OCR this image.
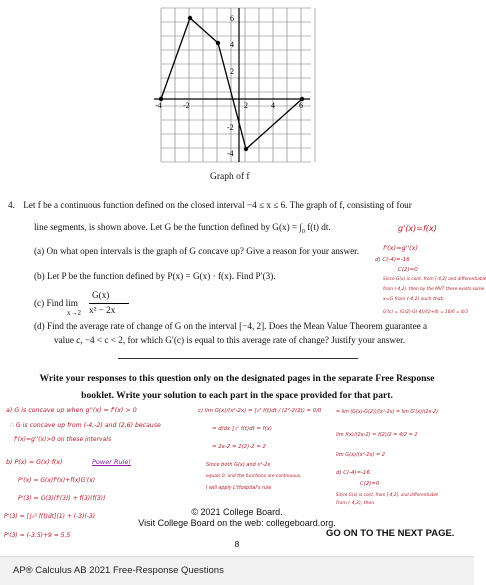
-4	-2	2	4	6
6
4
2
-2
-4
Graph of f
4. Let f be a continuous function defined on the closed interval −4 ≤ x ≤ 6. The graph of f, consisting of four
line segments, is shown above. Let G be the function defined by $G(x) = \int_0$ f(t) dt.
(a) On what open intervals is the graph of G concave up? Give a reason for your answer.
(b) Let P be the function defined by P(x) = G(x) · f(x). Find P′(3).
(c) Find lim
x→2
G(x)
x² − 2x
(d) Find the average rate of change of G on the interval [−4, 2]. Does the Mean Value Theorem guarantee a
value c, −4 < c < 2, for which G′(c) is equal to this average rate of change? Justify your answer.
g'(x)=f(x)
f'(x)=g''(x)
d) C(-4)=-16
C(2)=0
Since G(x) is cont. from [-4,2] and differentiable
from (-4,2), then by the MVT there exists some
x=G from (-4,2) such that;
G'(c) = (G(2)-G(-4))/(2+4) = 16/6 = 8/3
Write your responses to this question only on the designated pages in the separate Free Response
booklet. Write your solution to each part in the space provided for that part.
a) G is concave up when g''(x) = f'(x) > 0
∴ G is concave up from (-4,-2) and (2,6) because
f'(x)=g''(x)>0 on these intervals
b) P(x) = G(x)·f(x)	Power Rule!
P'(x) = G(x)f'(x)+f(x)G'(x)
P'(3) = G(3)(f'(3)) + f(3)(f(3))
P'(3) = [∫₀³ f(t)dt](1) + (-3)(-3)
P'(3) = (-3.5)+9 = 5.5
c) lim G(x)/(x²-2x) = ∫₀² f(t)dt / (2²-2(2)) = 0/0
= d/dx ∫₀ˣ f(t)dt = f(x)
= 2x-2 = 2(2)-2 = 2
Since both G(x) and x²-2x
equals 0, and the functions are continuous,
I will apply L'Hospital's rule
= lim (G(x)-G(2))/(x²-2x) = lim G'(x)/(2x-2)
lim f(x)/(2x-2) = f(2)/2 = 4/2 = 2
lim G(x)/(x²-2x) = 2
d) C(-4)=-16
C(2)=0
Since G(x) is cont. from [-4,2], and differentiable
from (-4,2), then
© 2021 College Board.
Visit College Board on the web: collegeboard.org.
GO ON TO THE NEXT PAGE.
8
AP® Calculus AB 2021 Free-Response Questions
